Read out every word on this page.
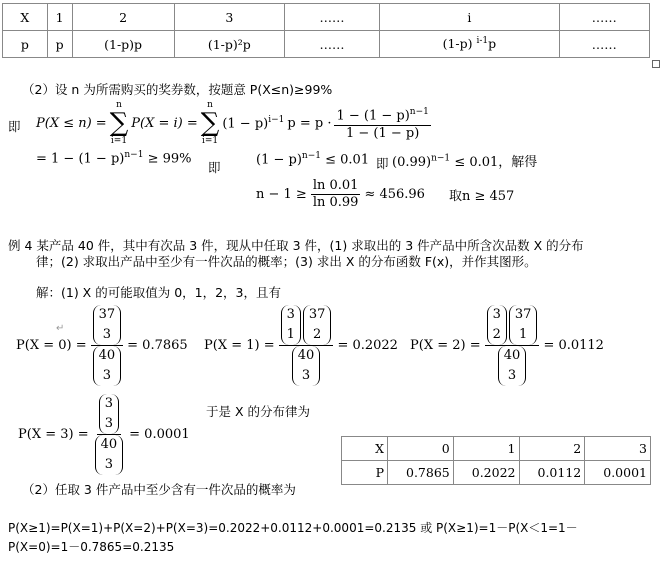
X	1	2	3	……	i	……
p	p	(1-p)p	(1-p)²p	……	(1-p) $^{i-1}$p	……
（2）设 n 为所需购买的奖券数，按题意 P(X≤n)≥99%
即 P(X ≤ n) =
n
∑
i=1
P(X = i) =
n
∑
i=1
$(1 - p)^{i-1}$ $p = p \cdot \frac{1 - (1 - p)^{n-1}}{1 - (1 - p)}$
= $1 - (1 - p)^{n-1} \ge 99\%$
即
$(1 - p)^{n-1} \le 0.01$ 即 $(0.99)^{n-1} \le 0.01$，解得
$n - 1 \ge \frac{\ln 0.01}{\ln 0.99} \approx 456.96$ 取n ≥ 457
例 4 某产品 40 件，其中有次品 3 件，现从中任取 3 件，(1) 求取出的 3 件产品中所含次品数 X 的分布
律；(2) 求取出产品中至少有一件次品的概率；(3) 求出 X 的分布函数 F(x)，并作其图形。
解：(1) X 的可能取值为 0，1，2，3，且有
↵
P(X = 0) = 37
3
40
3 = 0.7865 P(X = 1) = 3
1
37
2
40
3 = 0.2022 P(X = 2) = 3
2
37
1
40
3 = 0.0112
于是 X 的分布律为
P(X = 3) = 3
3
40
3 = 0.0001
X	0	1	2	3
P	0.7865	0.2022	0.0112	0.0001
（2）任取 3 件产品中至少含有一件次品的概率为
P(X≥1)=P(X=1)+P(X=2)+P(X=3)=0.2022+0.0112+0.0001=0.2135 或 P(X≥1)=1－P(X＜1=1－
P(X=0)=1－0.7865=0.2135
